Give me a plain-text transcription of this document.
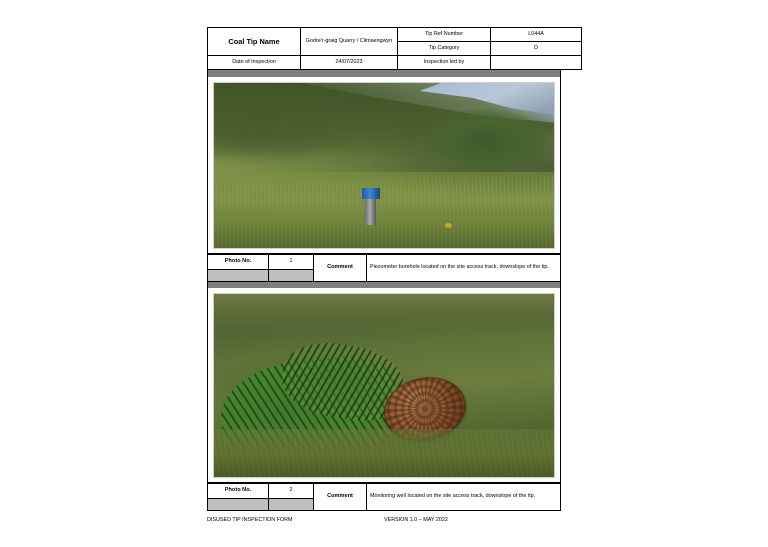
Coal Tip Name	Godre'r-graig Quarry / Cilmaengwyn	Tip Ref Number	L044A
		Tip Category	D
Date of Inspection	24/07/2023	Inspection led by	
Photo No.	1	Comment	Piezometer borehole located on the site access track, downslope of the tip.

Photo No.	2	Comment	Monitoring well located on the site access track, downslope of the tip.

DISUSED TIP INSPECTION FORM	VERSION 1.0 – MAY 2022
